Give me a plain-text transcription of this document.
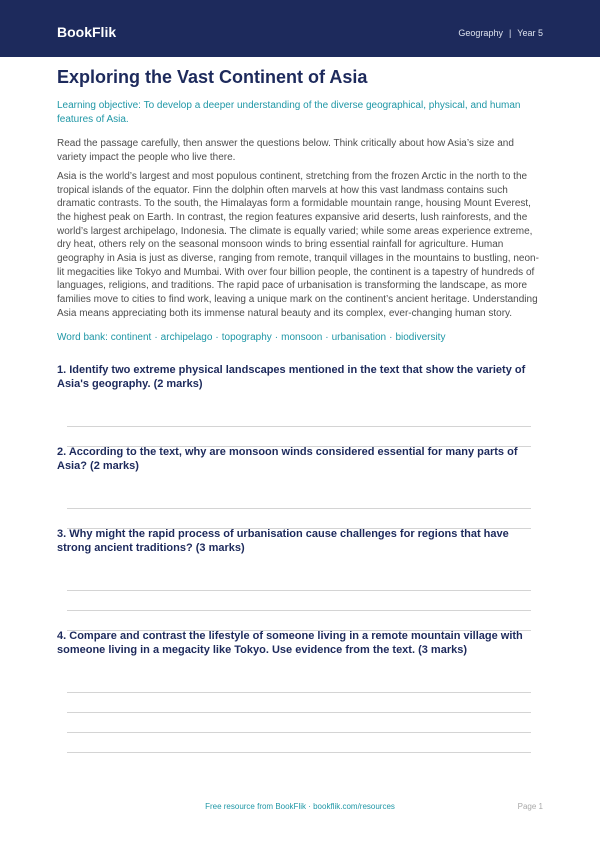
BookFlik	Geography | Year 5
Exploring the Vast Continent of Asia

Learning objective: To develop a deeper understanding of the diverse geographical, physical, and human features of Asia.

Read the passage carefully, then answer the questions below. Think critically about how Asia’s size and variety impact the people who live there.

Asia is the world’s largest and most populous continent, stretching from the frozen Arctic in the north to the tropical islands of the equator. Finn the dolphin often marvels at how this vast landmass contains such dramatic contrasts. To the south, the Himalayas form a formidable mountain range, housing Mount Everest, the highest peak on Earth. In contrast, the region features expansive arid deserts, lush rainforests, and the world’s largest archipelago, Indonesia. The climate is equally varied; while some areas experience extreme, dry heat, others rely on the seasonal monsoon winds to bring essential rainfall for agriculture. Human geography in Asia is just as diverse, ranging from remote, tranquil villages in the mountains to bustling, neon-lit megacities like Tokyo and Mumbai. With over four billion people, the continent is a tapestry of hundreds of languages, religions, and traditions. The rapid pace of urbanisation is transforming the landscape, as more families move to cities to find work, leaving a unique mark on the continent’s ancient heritage. Understanding Asia means appreciating both its immense natural beauty and its complex, ever-changing human story.

Word bank: continent · archipelago · topography · monsoon · urbanisation · biodiversity

1. Identify two extreme physical landscapes mentioned in the text that show the variety of Asia's geography. (2 marks)

2. According to the text, why are monsoon winds considered essential for many parts of Asia? (2 marks)

3. Why might the rapid process of urbanisation cause challenges for regions that have strong ancient traditions? (3 marks)

4. Compare and contrast the lifestyle of someone living in a remote mountain village with someone living in a megacity like Tokyo. Use evidence from the text. (3 marks)

Free resource from BookFlik · bookflik.com/resources	Page 1
